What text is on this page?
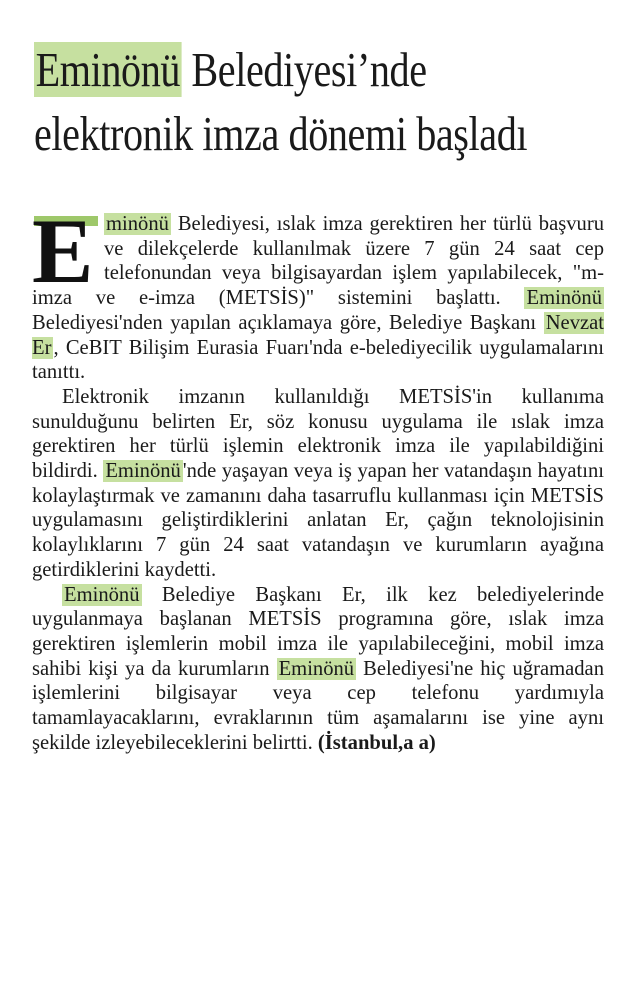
Eminönü Belediyesi’nde
elektronik imza dönemi başladı
E minönü Belediyesi, ıslak imza gerektiren her türlü başvuru ve dilekçelerde kullanılmak üzere 7 gün 24 saat cep telefonundan veya bilgisayardan işlem yapılabilecek, "m-imza ve e-imza (METSİS)" sistemini başlattı. Eminönü Belediyesi'nden yapılan açıklamaya göre, Belediye Başkanı Nevzat Er, CeBIT Bilişim Eurasia Fuarı'nda e-belediyecilik uygulamalarını tanıttı.

Elektronik imzanın kullanıldığı METSİS'in kullanıma sunulduğunu belirten Er, söz konusu uygulama ile ıslak imza gerektiren her türlü işlemin elektronik imza ile yapılabildiğini bildirdi. Eminönü'nde yaşayan veya iş yapan her vatandaşın hayatını kolaylaştırmak ve zamanını daha tasarruflu kullanması için METSİS uygulamasını geliştirdiklerini anlatan Er, çağın teknolojisinin kolaylıklarını 7 gün 24 saat vatandaşın ve kurumların ayağına getirdiklerini kaydetti.

Eminönü Belediye Başkanı Er, ilk kez belediyelerinde uygulanmaya başlanan METSİS programına göre, ıslak imza gerektiren işlemlerin mobil imza ile yapılabileceğini, mobil imza sahibi kişi ya da kurumların Eminönü Belediyesi'ne hiç uğramadan işlemlerini bilgisayar veya cep telefonu yardımıyla tamamlayacaklarını, evraklarının tüm aşamalarını ise yine aynı şekilde izleyebileceklerini belirtti. (İstanbul,a a)
